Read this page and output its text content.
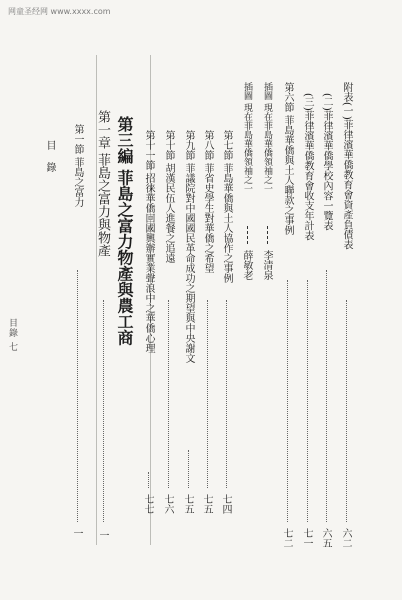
网童圣经网 www.xxxx.com
目錄 七
附表(一)菲律濱華僑教育會資產負債表
六二
(二)菲律濱華僑學校內容一覽表
六五
(三)菲律濱華僑教育會收支年計表
七一
第六節 菲島華僑與土人聯款之事例
七二
插圖 現在菲島華僑領袖之一
李清泉
插圖 現在菲島華僑領袖之一
薛敏老
第七節 菲島華僑與土人協作之事例
七四
第八節 菲省史學生對華僑之希望
七五
第九節 菲議院對中國國民革命成功之期望與中央謝文
七五
第十節 胡漢民伍人進餐之追遠
七六
第十一節 招徕華僑回國興辦實業聲浪中之華僑心理
七七
第三編 菲島之富力物產與農工商
第一章 菲島之富力與物產
一
第一節 菲島之富力
一
目錄
